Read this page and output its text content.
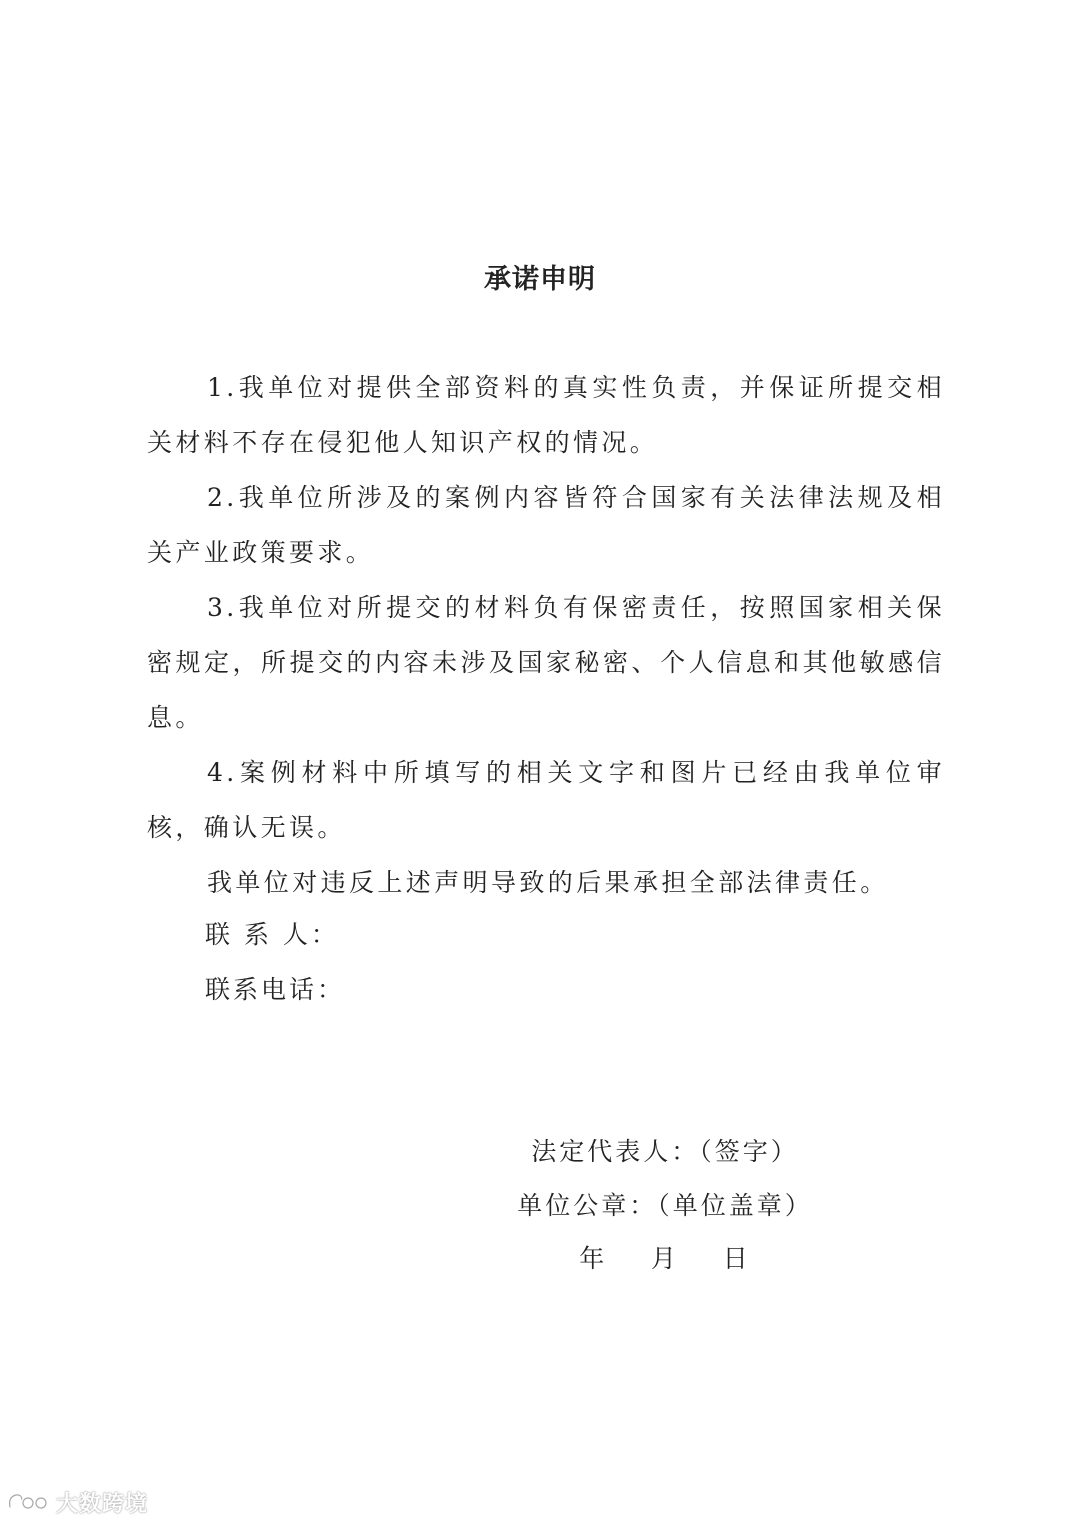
承诺申明

1.我单位对提供全部资料的真实性负责，并保证所提交相关材料不存在侵犯他人知识产权的情况。

2.我单位所涉及的案例内容皆符合国家有关法律法规及相关产业政策要求。

3.我单位对所提交的材料负有保密责任，按照国家相关保密规定，所提交的内容未涉及国家秘密、个人信息和其他敏感信息。

4.案例材料中所填写的相关文字和图片已经由我单位审核，确认无误。

我单位对违反上述声明导致的后果承担全部法律责任。

联 系 人：

联系电话：

法定代表人：（签字）

单位公章：（单位盖章）

年    月    日

大数跨境
